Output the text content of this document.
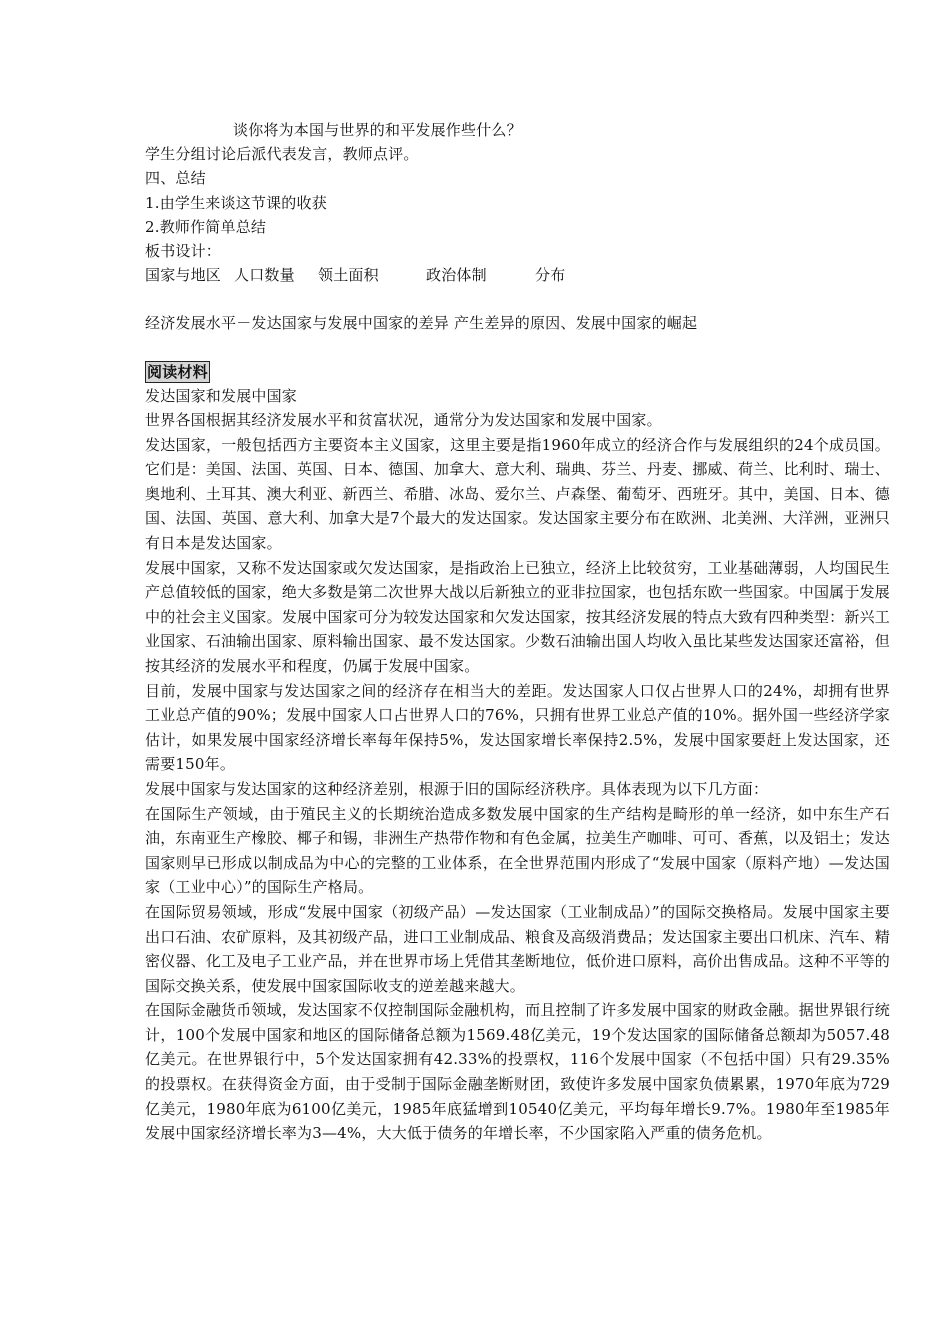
谈你将为本国与世界的和平发展作些什么？
学生分组讨论后派代表发言，教师点评。
四、总结
1.由学生来谈这节课的收获
2.教师作简单总结
板书设计：
国家与地区 人口数量 领土面积	政治体制	分布
经济发展水平－发达国家与发展中国家的差异 产生差异的原因、发展中国家的崛起
阅读材料
发达国家和发展中国家

世界各国根据其经济发展水平和贫富状况，通常分为发达国家和发展中国家。

发达国家，一般包括西方主要资本主义国家，这里主要是指1960年成立的经济合作与发展组织的24个成员国。它们是：美国、法国、英国、日本、德国、加拿大、意大利、瑞典、芬兰、丹麦、挪威、荷兰、比利时、瑞士、奥地利、土耳其、澳大利亚、新西兰、希腊、冰岛、爱尔兰、卢森堡、葡萄牙、西班牙。其中，美国、日本、德国、法国、英国、意大利、加拿大是7个最大的发达国家。发达国家主要分布在欧洲、北美洲、大洋洲，亚洲只有日本是发达国家。

发展中国家，又称不发达国家或欠发达国家，是指政治上已独立，经济上比较贫穷，工业基础薄弱，人均国民生产总值较低的国家，绝大多数是第二次世界大战以后新独立的亚非拉国家，也包括东欧一些国家。中国属于发展中的社会主义国家。发展中国家可分为较发达国家和欠发达国家，按其经济发展的特点大致有四种类型：新兴工业国家、石油输出国家、原料输出国家、最不发达国家。少数石油输出国人均收入虽比某些发达国家还富裕，但按其经济的发展水平和程度，仍属于发展中国家。

目前，发展中国家与发达国家之间的经济存在相当大的差距。发达国家人口仅占世界人口的24%，却拥有世界工业总产值的90%；发展中国家人口占世界人口的76%，只拥有世界工业总产值的10%。据外国一些经济学家估计，如果发展中国家经济增长率每年保持5%，发达国家增长率保持2.5%，发展中国家要赶上发达国家，还需要150年。

发展中国家与发达国家的这种经济差别，根源于旧的国际经济秩序。具体表现为以下几方面：

在国际生产领域，由于殖民主义的长期统治造成多数发展中国家的生产结构是畸形的单一经济，如中东生产石油，东南亚生产橡胶、椰子和锡，非洲生产热带作物和有色金属，拉美生产咖啡、可可、香蕉，以及铝土；发达国家则早已形成以制成品为中心的完整的工业体系，在全世界范围内形成了“发展中国家（原料产地）—发达国家（工业中心）”的国际生产格局。

在国际贸易领域，形成“发展中国家（初级产品）—发达国家（工业制成品）”的国际交换格局。发展中国家主要出口石油、农矿原料，及其初级产品，进口工业制成品、粮食及高级消费品；发达国家主要出口机床、汽车、精密仪器、化工及电子工业产品，并在世界市场上凭借其垄断地位，低价进口原料，高价出售成品。这种不平等的国际交换关系，使发展中国家国际收支的逆差越来越大。

在国际金融货币领域，发达国家不仅控制国际金融机构，而且控制了许多发展中国家的财政金融。据世界银行统计，100个发展中国家和地区的国际储备总额为1569.48亿美元，19个发达国家的国际储备总额却为5057.48亿美元。在世界银行中，5个发达国家拥有42.33%的投票权，116个发展中国家（不包括中国）只有29.35%的投票权。在获得资金方面，由于受制于国际金融垄断财团，致使许多发展中国家负债累累，1970年底为729亿美元，1980年底为6100亿美元，1985年底猛增到10540亿美元，平均每年增长9.7%。1980年至1985年发展中国家经济增长率为3—4%，大大低于债务的年增长率，不少国家陷入严重的债务危机。
